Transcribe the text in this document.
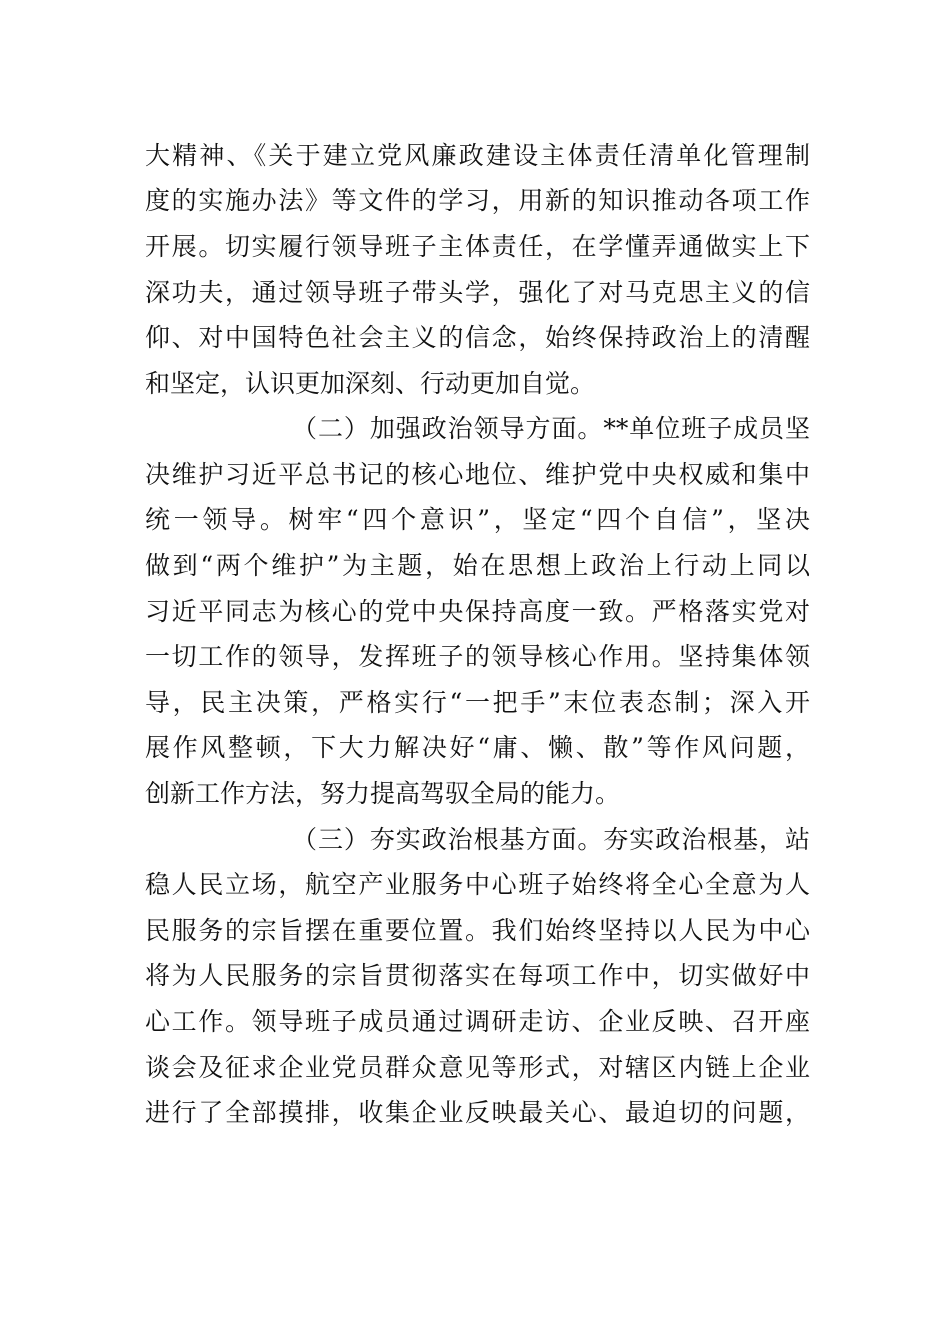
大精神、《关于建立党风廉政建设主体责任清单化管理制
度的实施办法》等文件的学习，用新的知识推动各项工作
开展。切实履行领导班子主体责任，在学懂弄通做实上下
深功夫，通过领导班子带头学，强化了对马克思主义的信
仰、对中国特色社会主义的信念，始终保持政治上的清醒
和坚定，认识更加深刻、行动更加自觉。
（二）加强政治领导方面。**单位班子成员坚
决维护习近平总书记的核心地位、维护党中央权威和集中
统一领导。树牢“四个意识”，坚定“四个自信”，坚决
做到“两个维护”为主题，始在思想上政治上行动上同以
习近平同志为核心的党中央保持高度一致。严格落实党对
一切工作的领导，发挥班子的领导核心作用。坚持集体领
导，民主决策，严格实行“一把手”末位表态制；深入开
展作风整顿，下大力解决好“庸、懒、散”等作风问题，
创新工作方法，努力提高驾驭全局的能力。
（三）夯实政治根基方面。夯实政治根基，站
稳人民立场，航空产业服务中心班子始终将全心全意为人
民服务的宗旨摆在重要位置。我们始终坚持以人民为中心
将为人民服务的宗旨贯彻落实在每项工作中，切实做好中
心工作。领导班子成员通过调研走访、企业反映、召开座
谈会及征求企业党员群众意见等形式，对辖区内链上企业
进行了全部摸排，收集企业反映最关心、最迫切的问题，
